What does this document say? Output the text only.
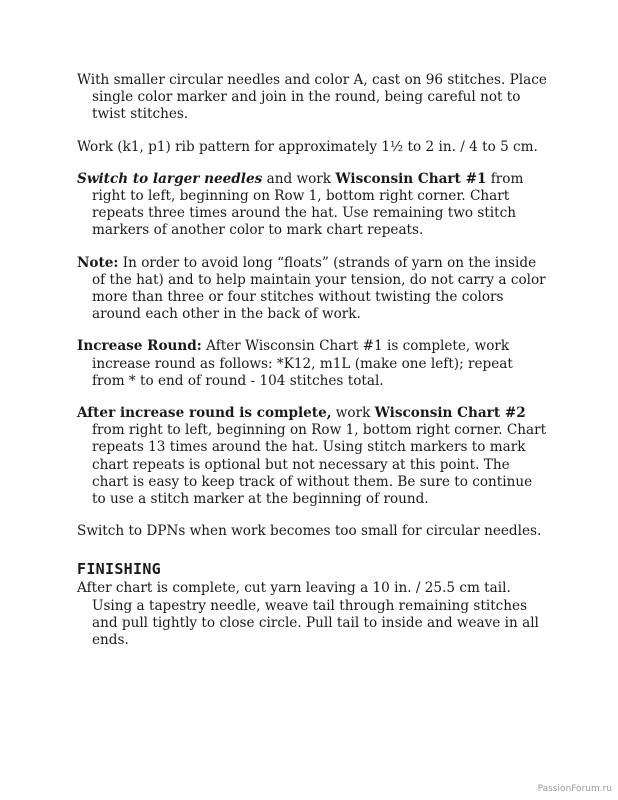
With smaller circular needles and color A, cast on 96 stitches. Place single color marker and join in the round, being careful not to twist stitches.

Work (k1, p1) rib pattern for approximately 1½ to 2 in. / 4 to 5 cm.

Switch to larger needles and work Wisconsin Chart #1 from right to left, beginning on Row 1, bottom right corner. Chart repeats three times around the hat. Use remaining two stitch markers of another color to mark chart repeats.

Note: In order to avoid long “floats” (strands of yarn on the inside of the hat) and to help maintain your tension, do not carry a color more than three or four stitches without twisting the colors around each other in the back of work.

Increase Round: After Wisconsin Chart #1 is complete, work increase round as follows: *K12, m1L (make one left); repeat from * to end of round - 104 stitches total.

After increase round is complete, work Wisconsin Chart #2 from right to left, beginning on Row 1, bottom right corner. Chart repeats 13 times around the hat. Using stitch markers to mark chart repeats is optional but not necessary at this point. The chart is easy to keep track of without them. Be sure to continue to use a stitch marker at the beginning of round.

Switch to DPNs when work becomes too small for circular needles.

FINISHING

After chart is complete, cut yarn leaving a 10 in. / 25.5 cm tail. Using a tapestry needle, weave tail through remaining stitches and pull tightly to close circle. Pull tail to inside and weave in all ends.

PassionForum.ru
